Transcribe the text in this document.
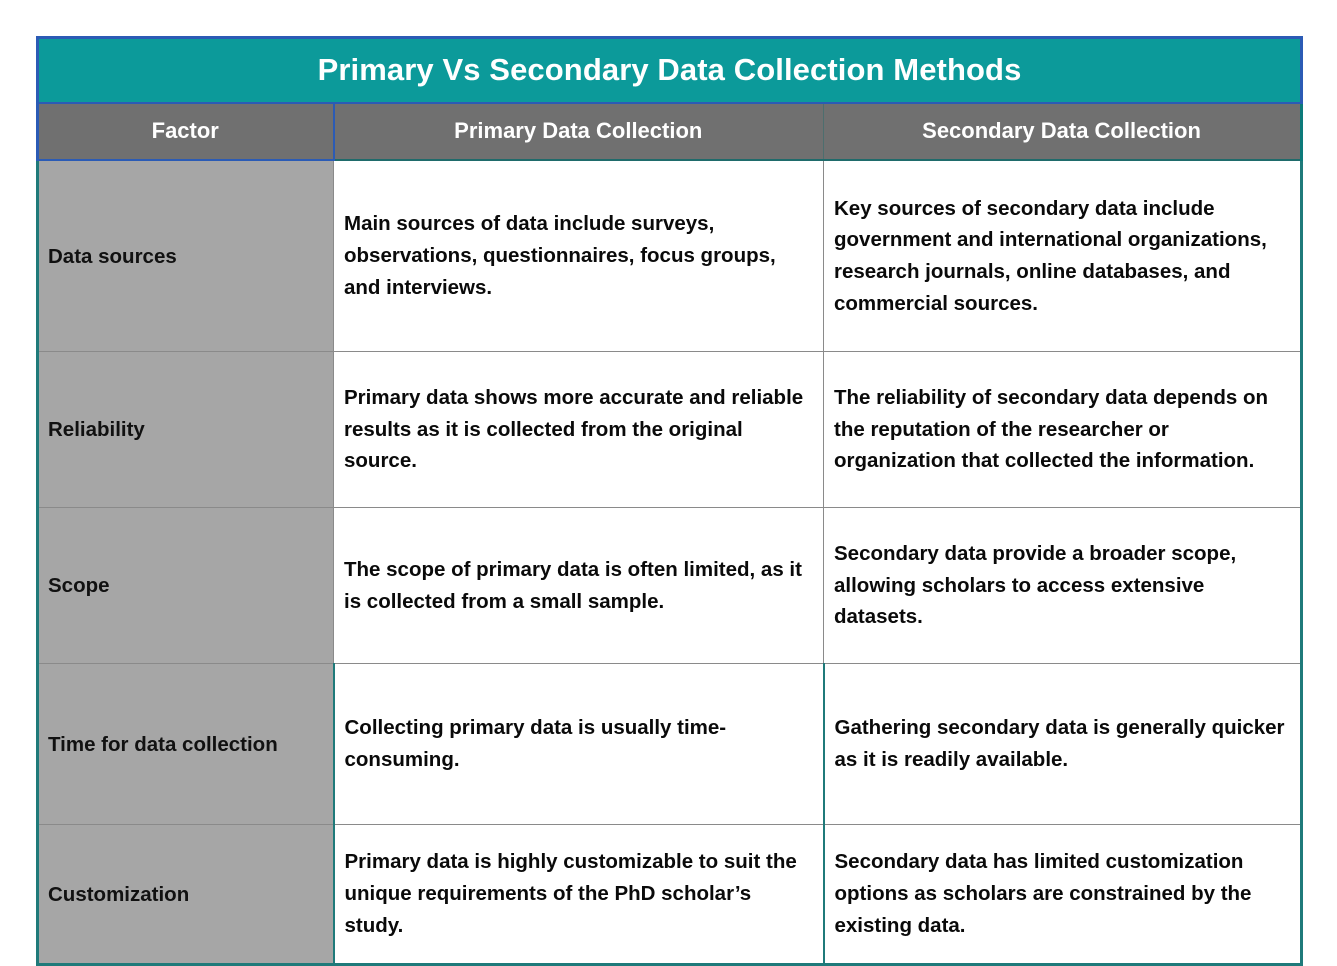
Primary Vs Secondary Data Collection Methods		
Factor	Primary Data Collection	Secondary Data Collection
Data sources	Main sources of data include surveys, observations, questionnaires, focus groups, and interviews.	Key sources of secondary data include government and international organizations, research journals, online databases, and commercial sources.
Reliability	Primary data shows more accurate and reliable results as it is collected from the original source.	The reliability of secondary data depends on the reputation of the researcher or organization that collected the information.
Scope	The scope of primary data is often limited, as it is collected from a small sample.	Secondary data provide a broader scope, allowing scholars to access extensive datasets.
Time for data collection	Collecting primary data is usually time-consuming.	Gathering secondary data is generally quicker as it is readily available.
Customization	Primary data is highly customizable to suit the unique requirements of the PhD scholar’s study.	Secondary data has limited customization options as scholars are constrained by the existing data.
